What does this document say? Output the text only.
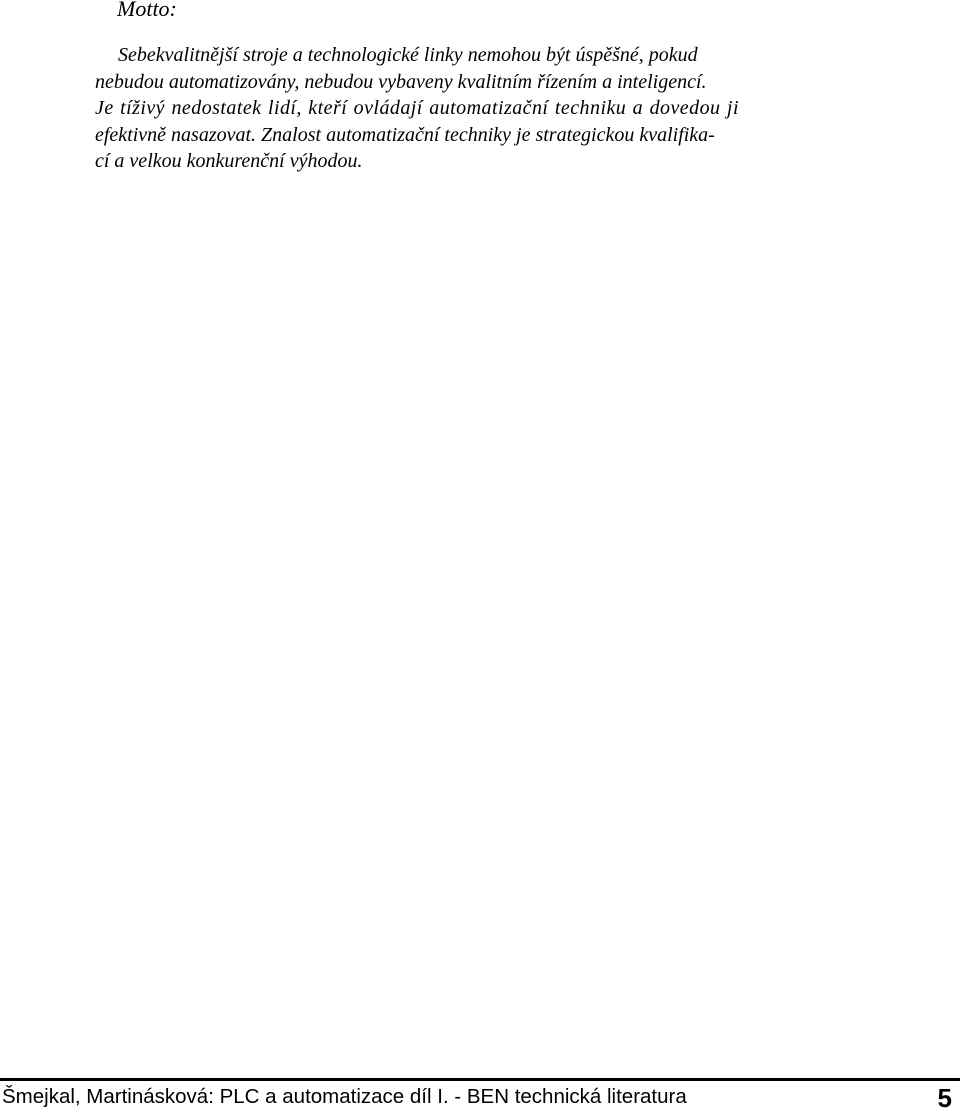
Motto:

Sebekvalitnější stroje a technologické linky nemohou být úspěšné, pokud
nebudou automatizovány, nebudou vybaveny kvalitním řízením a inteligencí.
Je tíživý nedostatek lidí, kteří ovládají automatizační techniku a dovedou ji
efektivně nasazovat. Znalost automatizační techniky je strategickou kvalifika-
cí a velkou konkurenční výhodou.
Šmejkal, Martinásková: PLC a automatizace díl I. - BEN technická literatura	5
